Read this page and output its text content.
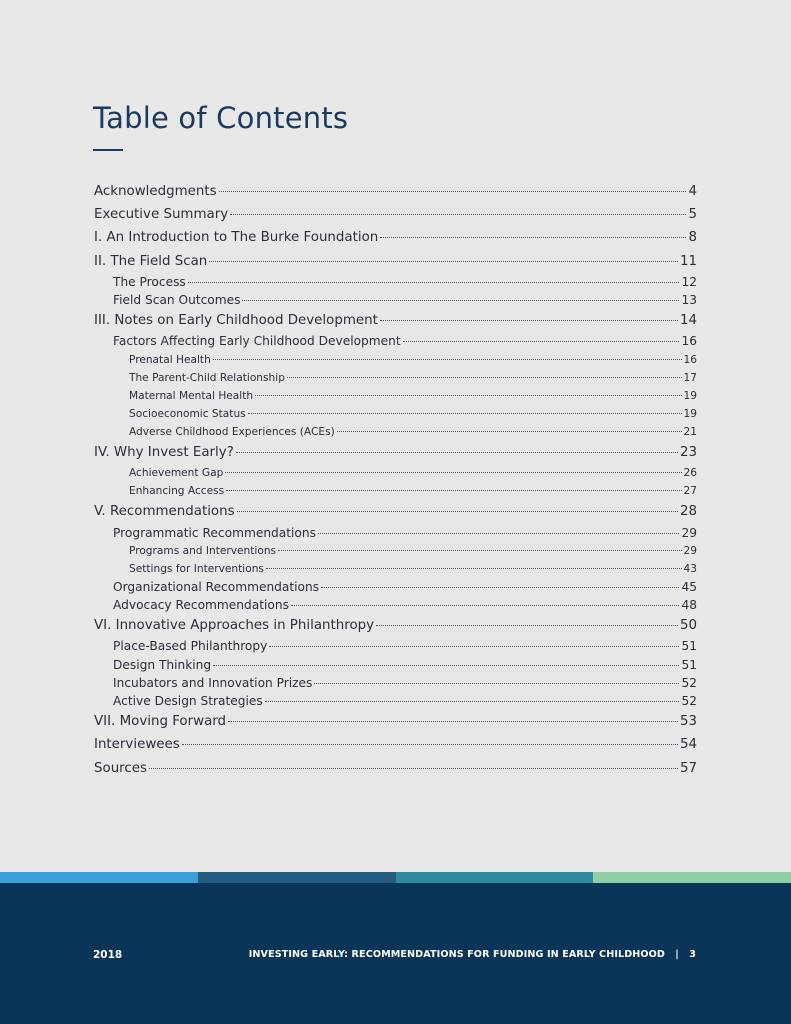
Table of Contents
Acknowledgments	4
Executive Summary	5
I. An Introduction to The Burke Foundation	8
II. The Field Scan	11
The Process	12
Field Scan Outcomes	13
III. Notes on Early Childhood Development	14
Factors Affecting Early Childhood Development	16
Prenatal Health	16
The Parent-Child Relationship	17
Maternal Mental Health	19
Socioeconomic Status	19
Adverse Childhood Experiences (ACEs)	21
IV. Why Invest Early?	23
Achievement Gap	26
Enhancing Access	27
V. Recommendations	28
Programmatic Recommendations	29
Programs and Interventions	29
Settings for Interventions	43
Organizational Recommendations	45
Advocacy Recommendations	48
VI. Innovative Approaches in Philanthropy	50
Place-Based Philanthropy	51
Design Thinking	51
Incubators and Innovation Prizes	52
Active Design Strategies	52
VII. Moving Forward	53
Interviewees	54
Sources	57
2018	INVESTING EARLY: RECOMMENDATIONS FOR FUNDING IN EARLY CHILDHOOD   |   3
